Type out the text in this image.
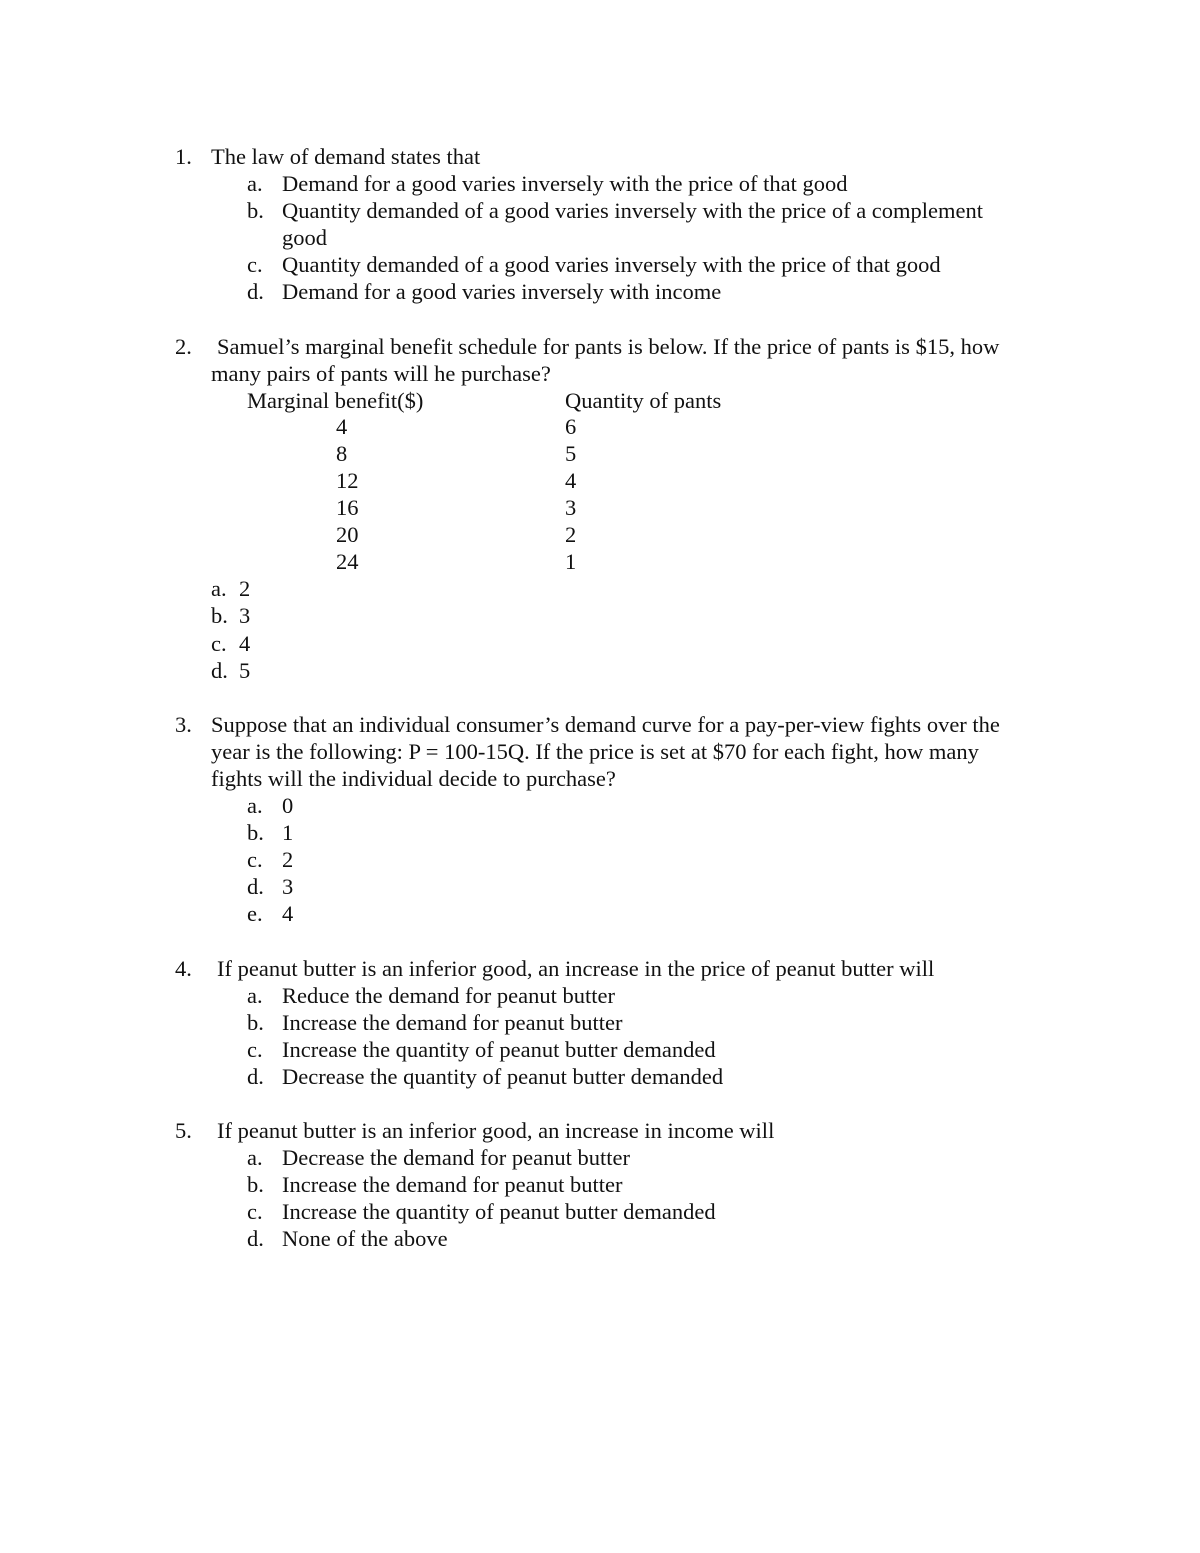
1. The law of demand states that
a. Demand for a good varies inversely with the price of that good
b. Quantity demanded of a good varies inversely with the price of a complement
good
c. Quantity demanded of a good varies inversely with the price of that good
d. Demand for a good varies inversely with income
2. Samuel’s marginal benefit schedule for pants is below. If the price of pants is $15, how
many pairs of pants will he purchase?
Marginal benefit($)	Quantity of pants
4	6
8	5
12	4
16	3
20	2
24	1
a. 2
b. 3
c. 4
d. 5
3. Suppose that an individual consumer’s demand curve for a pay-per-view fights over the
year is the following: P = 100-15Q. If the price is set at $70 for each fight, how many
fights will the individual decide to purchase?
a. 0
b. 1
c. 2
d. 3
e. 4
4. If peanut butter is an inferior good, an increase in the price of peanut butter will
a. Reduce the demand for peanut butter
b. Increase the demand for peanut butter
c. Increase the quantity of peanut butter demanded
d. Decrease the quantity of peanut butter demanded
5. If peanut butter is an inferior good, an increase in income will
a. Decrease the demand for peanut butter
b. Increase the demand for peanut butter
c. Increase the quantity of peanut butter demanded
d. None of the above
